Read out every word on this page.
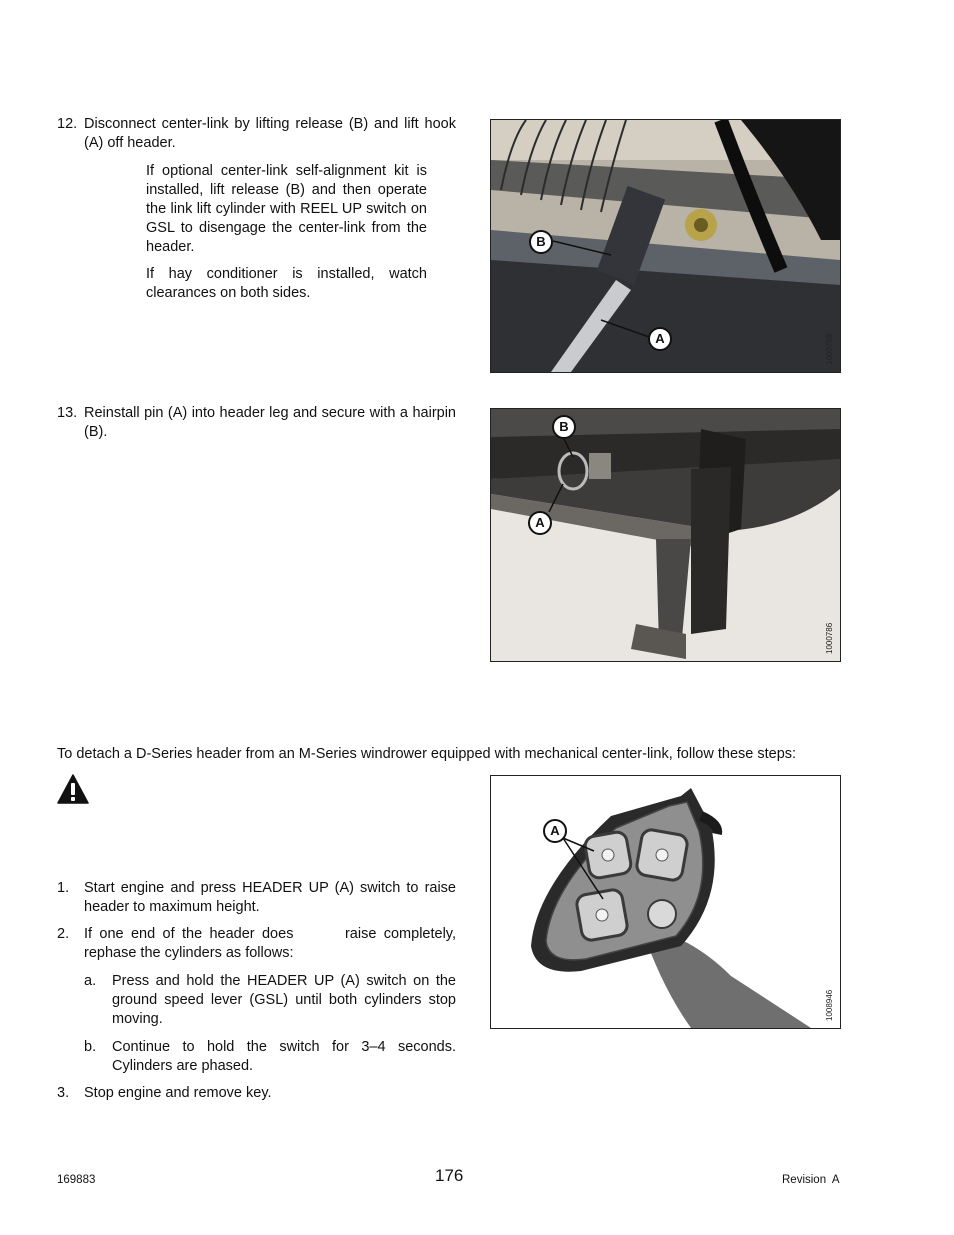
12. Disconnect center-link by lifting release (B) and lift hook (A) off header.
If optional center-link self-alignment kit is installed, lift release (B) and then operate the link lift cylinder with REEL UP switch on GSL to disengage the center-link from the header.
If hay conditioner is installed, watch clearances on both sides.
B
A	1000758
13. Reinstall pin (A) into header leg and secure with a hairpin (B).	B
A
1000786
To detach a D-Series header from an M-Series windrower equipped with mechanical center-link, follow these steps:
1. Start engine and press HEADER UP (A) switch to raise header to maximum height.
2. If one end of the header does       raise completely, rephase the cylinders as follows:
a. Press and hold the HEADER UP (A) switch on the ground speed lever (GSL) until both cylinders stop moving.
b. Continue to hold the switch for 3–4 seconds. Cylinders are phased.
3. Stop engine and remove key.
A
1008946
169883	176	Revision  A
